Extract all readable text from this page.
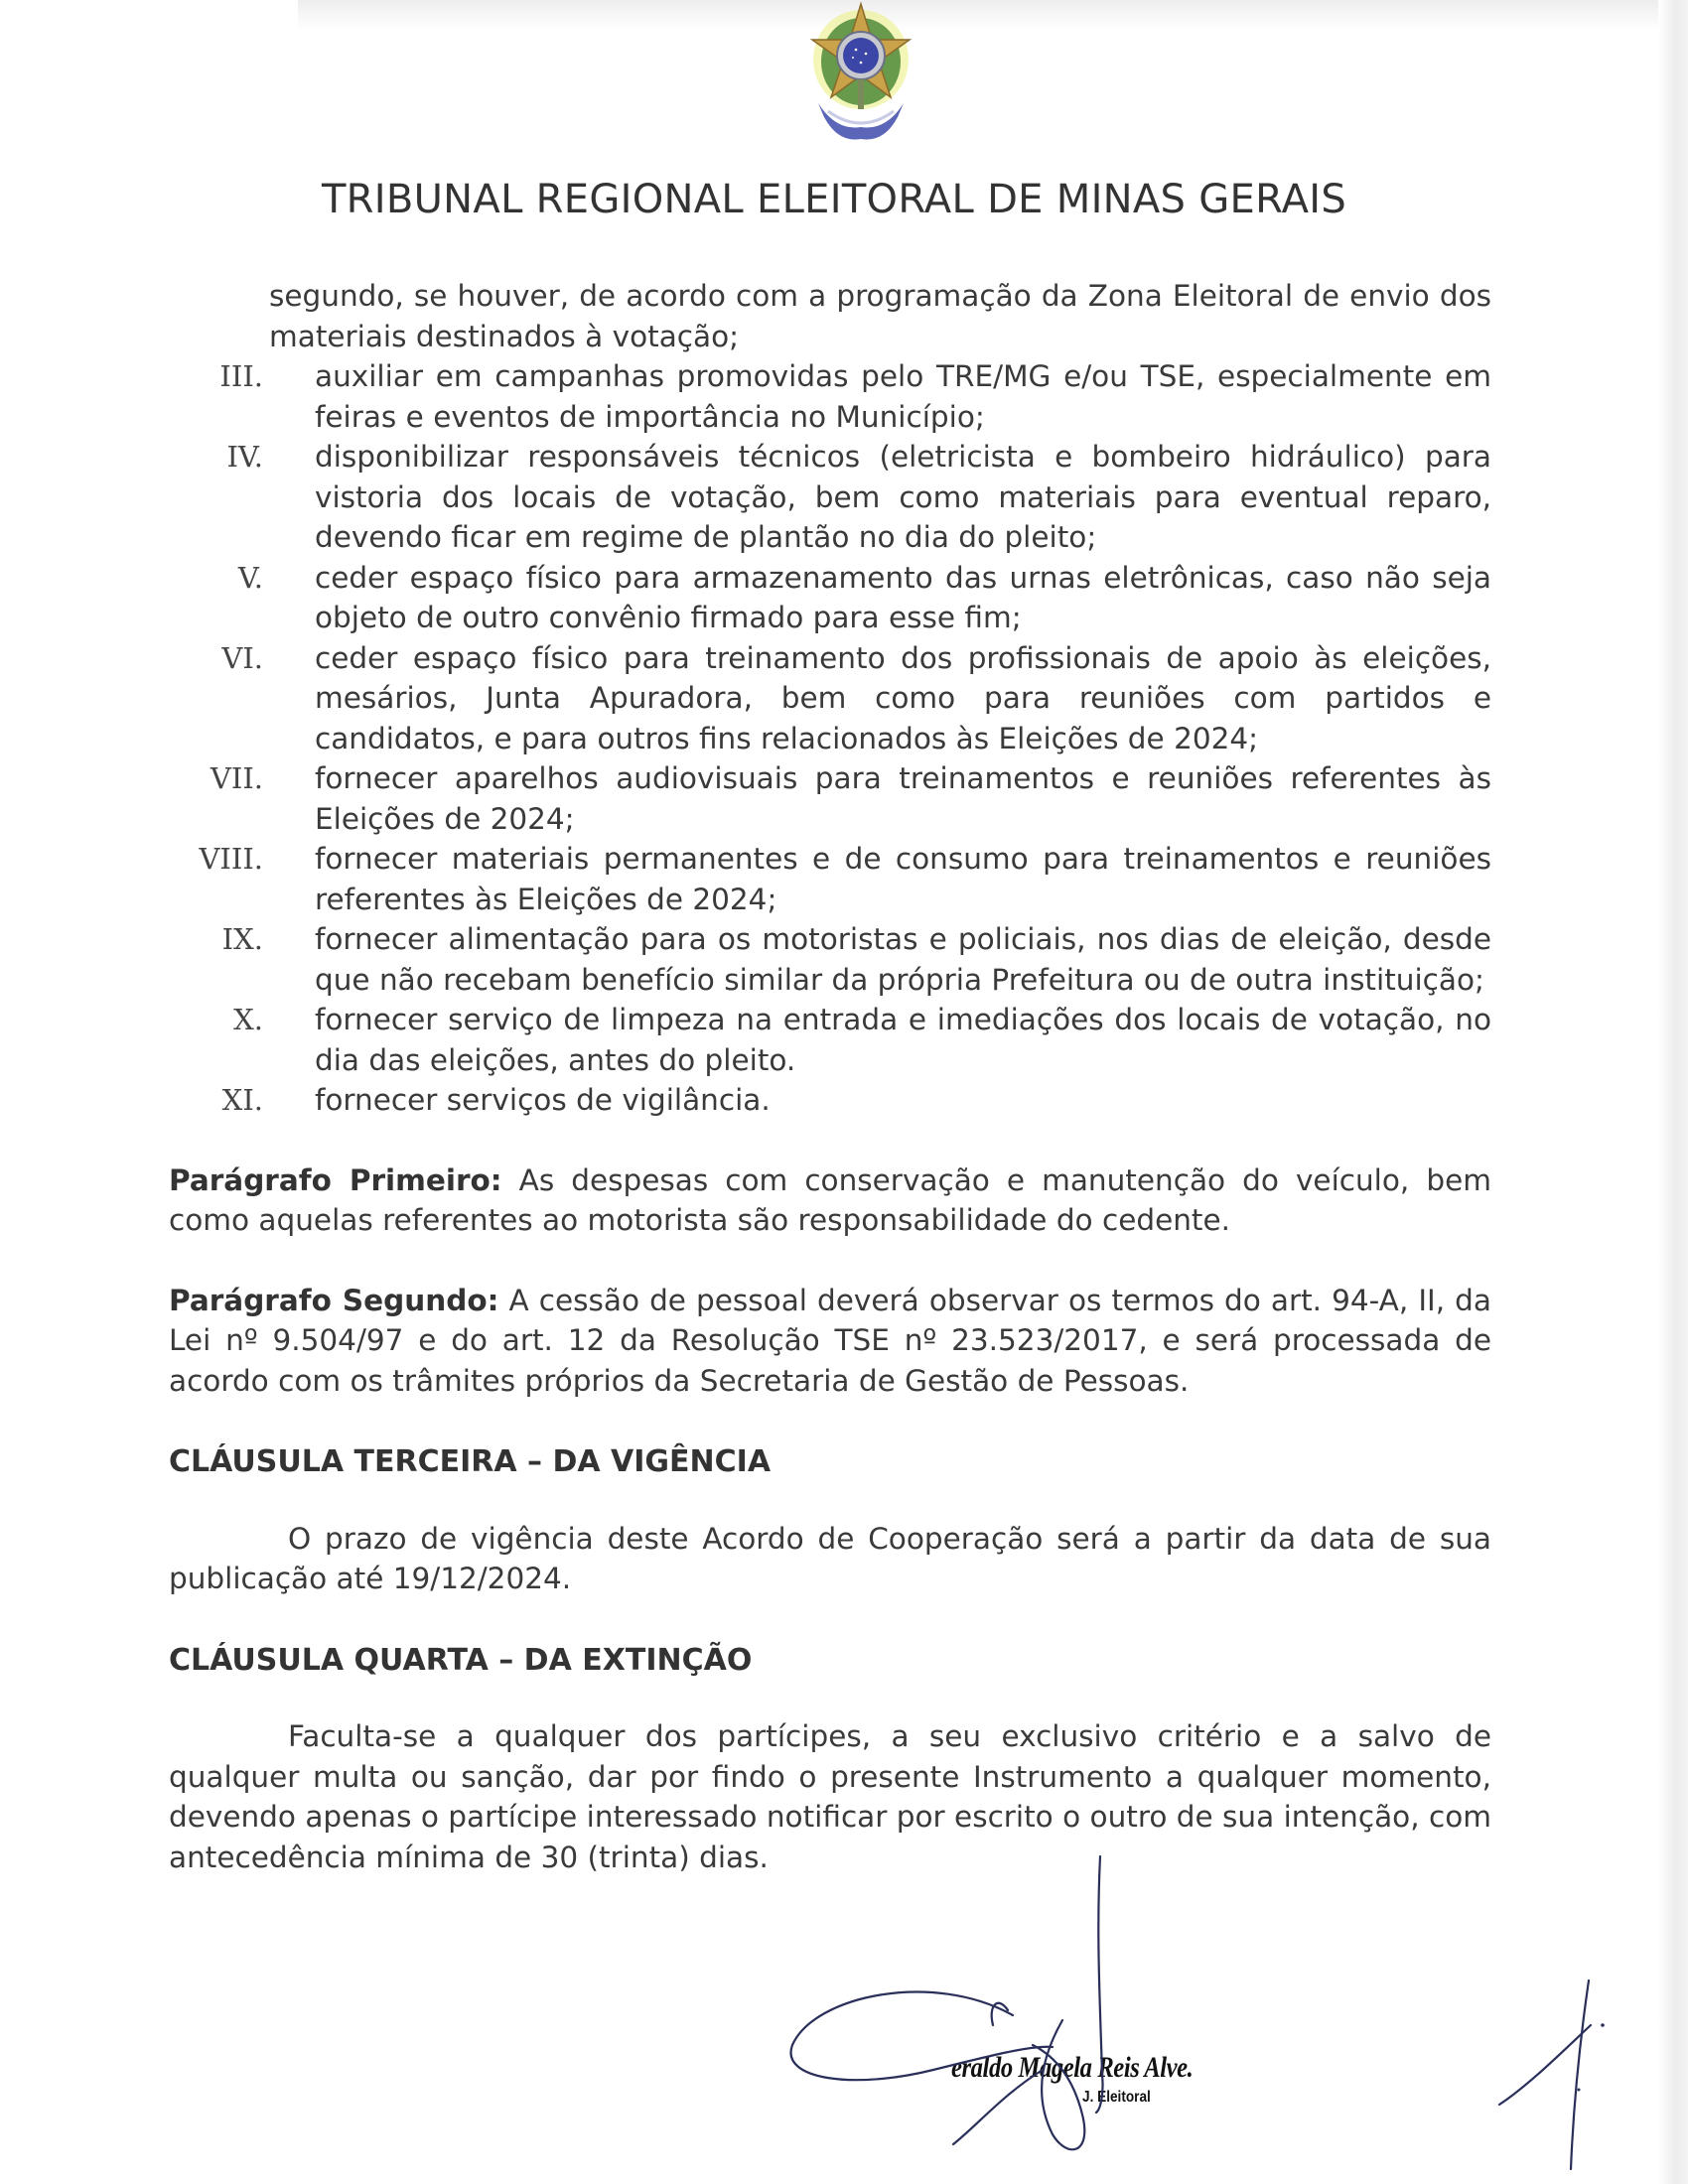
TRIBUNAL REGIONAL ELEITORAL DE MINAS GERAIS
segundo, se houver, de acordo com a programação da Zona Eleitoral de envio dos materiais destinados à votação;
III. auxiliar em campanhas promovidas pelo TRE/MG e/ou TSE, especialmente em feiras e eventos de importância no Município;
IV. disponibilizar responsáveis técnicos (eletricista e bombeiro hidráulico) para vistoria dos locais de votação, bem como materiais para eventual reparo, devendo ficar em regime de plantão no dia do pleito;
V. ceder espaço físico para armazenamento das urnas eletrônicas, caso não seja objeto de outro convênio firmado para esse fim;
VI. ceder espaço físico para treinamento dos profissionais de apoio às eleições, mesários, Junta Apuradora, bem como para reuniões com partidos e candidatos, e para outros fins relacionados às Eleições de 2024;
VII. fornecer aparelhos audiovisuais para treinamentos e reuniões referentes às Eleições de 2024;
VIII. fornecer materiais permanentes e de consumo para treinamentos e reuniões referentes às Eleições de 2024;
IX. fornecer alimentação para os motoristas e policiais, nos dias de eleição, desde que não recebam benefício similar da própria Prefeitura ou de outra instituição;
X. fornecer serviço de limpeza na entrada e imediações dos locais de votação, no dia das eleições, antes do pleito.
XI. fornecer serviços de vigilância.
Parágrafo Primeiro: As despesas com conservação e manutenção do veículo, bem como aquelas referentes ao motorista são responsabilidade do cedente.
Parágrafo Segundo: A cessão de pessoal deverá observar os termos do art. 94-A, II, da Lei nº 9.504/97 e do art. 12 da Resolução TSE nº 23.523/2017, e será processada de acordo com os trâmites próprios da Secretaria de Gestão de Pessoas.
CLÁUSULA TERCEIRA – DA VIGÊNCIA
O prazo de vigência deste Acordo de Cooperação será a partir da data de sua publicação até 19/12/2024.
CLÁUSULA QUARTA – DA EXTINÇÃO
Faculta-se a qualquer dos partícipes, a seu exclusivo critério e a salvo de qualquer multa ou sanção, dar por findo o presente Instrumento a qualquer momento, devendo apenas o partícipe interessado notificar por escrito o outro de sua intenção, com antecedência mínima de 30 (trinta) dias.
eraldo Magela Reis Alve.
J. Eleitoral
